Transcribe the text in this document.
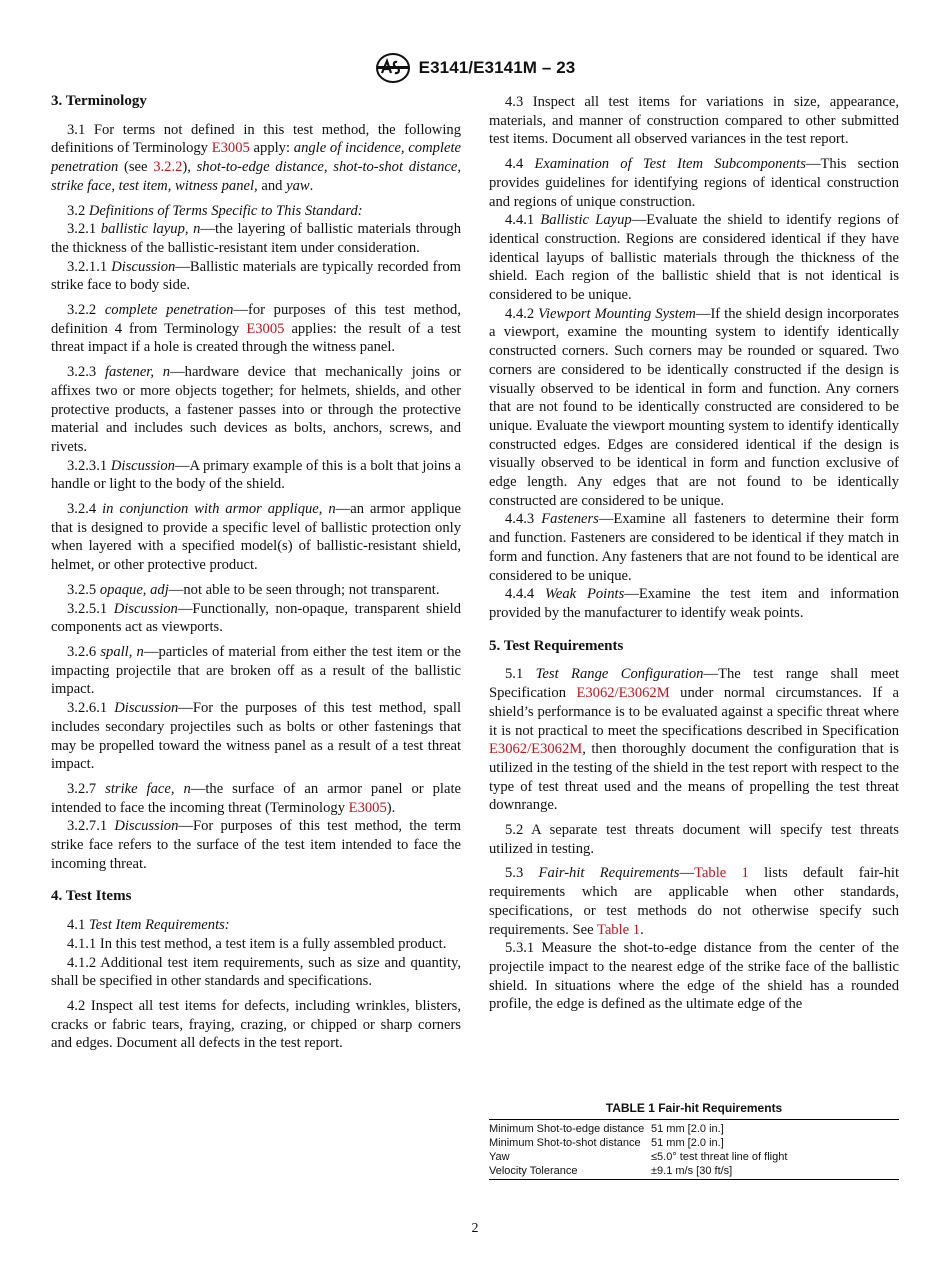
E3141/E3141M – 23
3. Terminology

3.1 For terms not defined in this test method, the following definitions of Terminology E3005 apply: angle of incidence, complete penetration (see 3.2.2), shot-to-edge distance, shot-to-shot distance, strike face, test item, witness panel, and yaw.

3.2 Definitions of Terms Specific to This Standard:

3.2.1 ballistic layup, n—the layering of ballistic materials through the thickness of the ballistic-resistant item under consideration.

3.2.1.1 Discussion—Ballistic materials are typically recorded from strike face to body side.

3.2.2 complete penetration—for purposes of this test method, definition 4 from Terminology E3005 applies: the result of a test threat impact if a hole is created through the witness panel.

3.2.3 fastener, n—hardware device that mechanically joins or affixes two or more objects together; for helmets, shields, and other protective products, a fastener passes into or through the protective material and includes such devices as bolts, anchors, screws, and rivets.

3.2.3.1 Discussion—A primary example of this is a bolt that joins a handle or light to the body of the shield.

3.2.4 in conjunction with armor applique, n—an armor applique that is designed to provide a specific level of ballistic protection only when layered with a specified model(s) of ballistic-resistant shield, helmet, or other protective product.

3.2.5 opaque, adj—not able to be seen through; not transparent.

3.2.5.1 Discussion—Functionally, non-opaque, transparent shield components act as viewports.

3.2.6 spall, n—particles of material from either the test item or the impacting projectile that are broken off as a result of the ballistic impact.

3.2.6.1 Discussion—For the purposes of this test method, spall includes secondary projectiles such as bolts or other fastenings that may be propelled toward the witness panel as a result of a test threat impact.

3.2.7 strike face, n—the surface of an armor panel or plate intended to face the incoming threat (Terminology E3005).

3.2.7.1 Discussion—For purposes of this test method, the term strike face refers to the surface of the test item intended to face the incoming threat.

4. Test Items

4.1 Test Item Requirements:

4.1.1 In this test method, a test item is a fully assembled product.

4.1.2 Additional test item requirements, such as size and quantity, shall be specified in other standards and specifications.

4.2 Inspect all test items for defects, including wrinkles, blisters, cracks or fabric tears, fraying, crazing, or chipped or sharp corners and edges. Document all defects in the test report.

4.3 Inspect all test items for variations in size, appearance, materials, and manner of construction compared to other submitted test items. Document all observed variances in the test report.

4.4 Examination of Test Item Subcomponents—This section provides guidelines for identifying regions of identical construction and regions of unique construction.

4.4.1 Ballistic Layup—Evaluate the shield to identify regions of identical construction. Regions are considered identical if they have identical layups of ballistic materials through the thickness of the shield. Each region of the ballistic shield that is not identical is considered to be unique.

4.4.2 Viewport Mounting System—If the shield design incorporates a viewport, examine the mounting system to identify identically constructed corners. Such corners may be rounded or squared. Two corners are considered to be identically constructed if the design is visually observed to be identical in form and function. Any corners that are not found to be identically constructed are considered to be unique. Evaluate the viewport mounting system to identify identically constructed edges. Edges are considered identical if the design is visually observed to be identical in form and function exclusive of edge length. Any edges that are not found to be identically constructed are considered to be unique.

4.4.3 Fasteners—Examine all fasteners to determine their form and function. Fasteners are considered to be identical if they match in form and function. Any fasteners that are not found to be identical are considered to be unique.

4.4.4 Weak Points—Examine the test item and information provided by the manufacturer to identify weak points.

5. Test Requirements

5.1 Test Range Configuration—The test range shall meet Specification E3062/E3062M under normal circumstances. If a shield’s performance is to be evaluated against a specific threat where it is not practical to meet the specifications described in Specification E3062/E3062M, then thoroughly document the configuration that is utilized in the testing of the shield in the test report with respect to the type of test threat used and the means of propelling the test threat downrange.

5.2 A separate test threats document will specify test threats utilized in testing.

5.3 Fair-hit Requirements—Table 1 lists default fair-hit requirements which are applicable when other standards, specifications, or test methods do not otherwise specify such requirements. See Table 1.

5.3.1 Measure the shot-to-edge distance from the center of the projectile impact to the nearest edge of the strike face of the ballistic shield. In situations where the edge of the shield has a rounded profile, the edge is defined as the ultimate edge of the

TABLE 1 Fair-hit Requirements
Minimum Shot-to-edge distance	51 mm [2.0 in.]
Minimum Shot-to-shot distance	51 mm [2.0 in.]
Yaw	≤5.0° test threat line of flight
Velocity Tolerance	±9.1 m/s [30 ft/s]
2
